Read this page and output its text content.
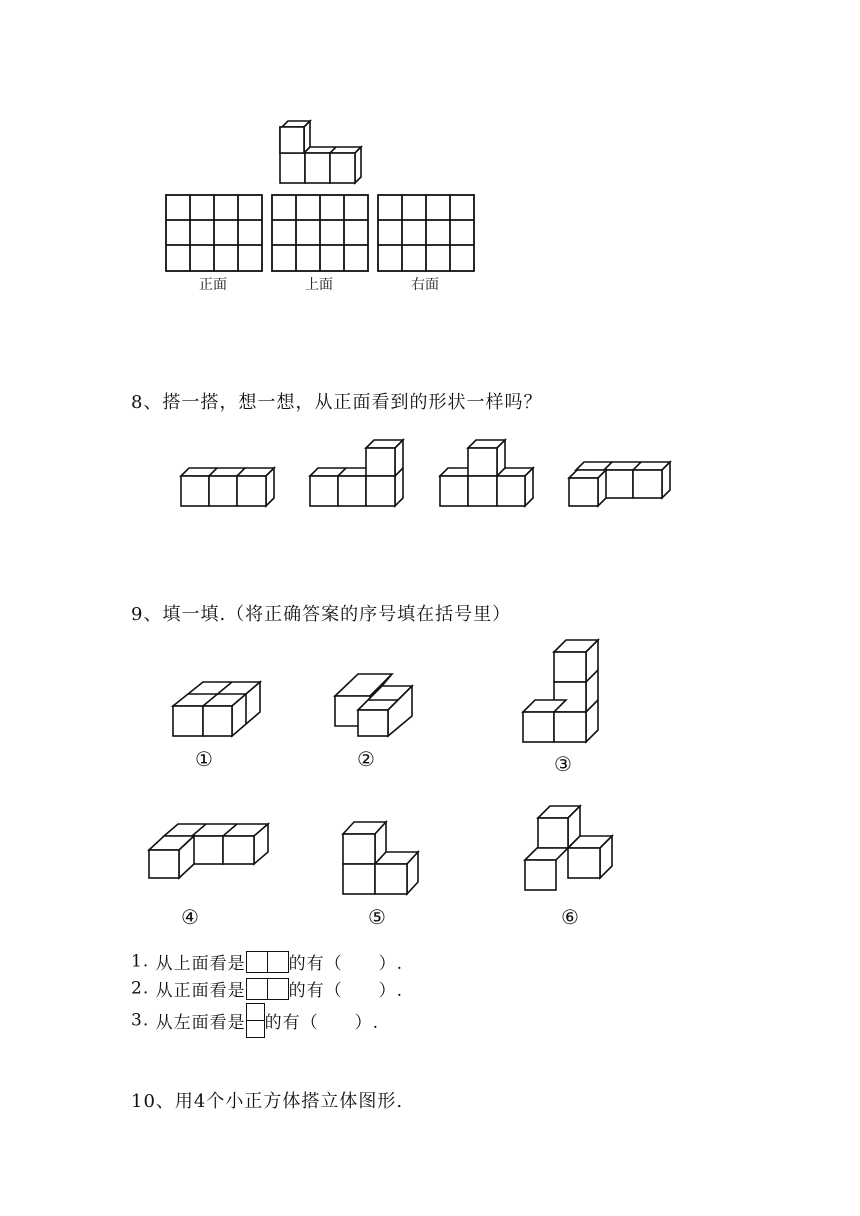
正面	上面	右面
8、搭一搭，想一想，从正面看到的形状一样吗？
9、填一填.（将正确答案的序号填在括号里）
①	②	③
④	⑤	⑥
1. 从上面看是	的有（　　）.
2. 从正面看是	的有（　　）.
3. 从左面看是 的有（　　）.
10、用4个小正方体搭立体图形.
